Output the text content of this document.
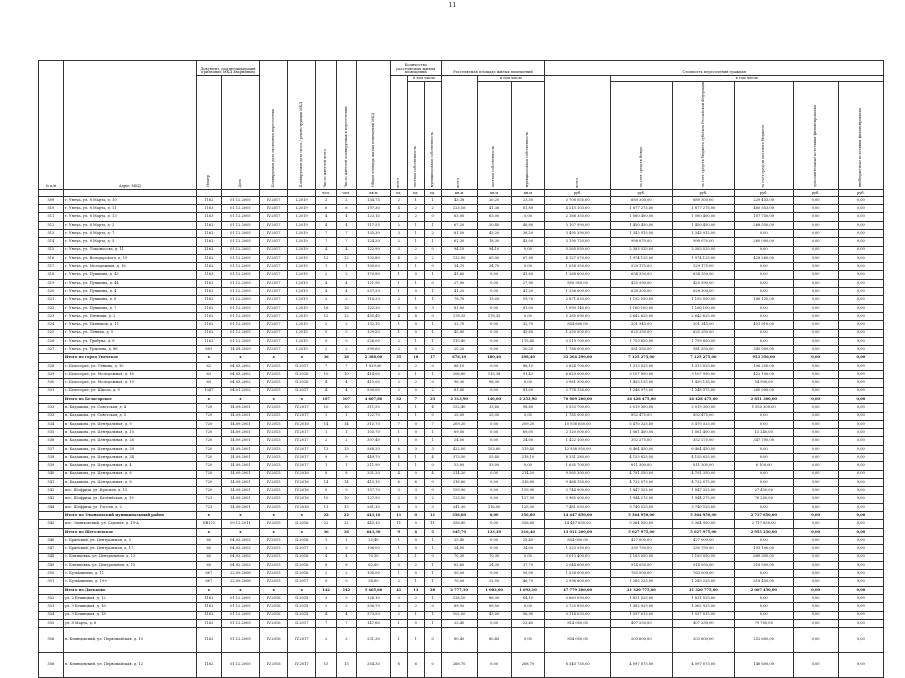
11
№ п/п	Адрес МКД	Документ, подтверждающий признание МКД аварийным		Планируемая дата окончания переселения	Планируемая дата сноса / реконструкции МКД	Число жителей всего	Число жителей планируемых к переселению	Общая площадь жилых помещений МКД	Количество расселяемых жилых помещений			Расселяемая площадь жилых помещений			Стоимость переселения граждан					
		Номер	Дата						всего	в том числе		всего	в том числе		всего	в том числе				
										частная собственность	муниципальная собственность		частная собственность	муниципальная собственность		за счет средств Фонда	за счет средств бюджета субъекта Российской Федерации	за счет средств местного бюджета	дополнительные источники финансирования	внебюджетные источники финансирования
						чел.	чел.	кв.м	ед.	ед.	ед.	кв.м	кв.м	кв.м	руб.	руб.	руб.	руб.	руб.	руб.
509	г. Унеча, ул. 8 Марта, д. 10	1162	01.12.2005	IV.2017	I.2019	2	2	134,75	2	1	1	43,38	20,20	23,50	3 708 055,00	689 300,00	689 300,00	229 435,00	0,00	0,00
510	г. Унеча, ул. 8 Марта, д. 11	1163	01.12.2005	IV.2017	I.2019	6	6	197,30	4	2	2	123,16	41,36	81,80	4 215 103,00	1 877 275,00	1 877 275,00	460 553,00	0,00	0,00
511	г. Унеча, ул. 8 Марта, д. 13	1163	01.12.2005	IV.2017	I.2019	4	4	123,10	2	2	0	63,00	63,00	0,00	2 188 350,00	1 080 400,00	1 080 400,00	107 750,00	0,00	0,00
512	г. Унеча, ул. 8 Марта, д. 2	1162	01.12.2005	IV.2017	I.2019	4	4	117,55	2	1	1	67,20	20,40	46,80	3 107 990,00	1 450 450,00	1 450 450,00	268 550,00	0,00	0,00
513	г. Унеча, ул. 8 Марта, д. 7	1162	01.12.2005	IV.2017	I.2019	7	7	133,30	3	1	2	81,50	45,20	36,20	3 495 390,00	1 343 915,00	1 343 915,00	0,00	0,00	0,00
514	г. Унеча, ул. 8 Марта, д. 5	1162	01.12.2005	IV.2017	I.2019	7	7	124,20	2	1	1	61,30	18,30	43,00	3 190 720,00	998 070,00	998 070,00	280 000,00	0,00	0,00
515	г. Унеча, ул. Ломоносова, д. 11	1162	01.12.2005	IV.2017	I.2019	4	4	122,90	2	2	0	94,10	94,10	0,00	5 265 050,00	2 383 525,00	2 383 525,00	0,00	0,00	0,00
516	г. Унеча, ул. Володарского, д. 15	1162	01.12.2005	IV.2017	I.2019	12	12	132,80	4	2	2	132,90	65,00	67,90	4 127 070,00	1 974 125,00	1 974 125,00	428 260,00	0,00	0,00
517	г. Унеча, ул. Молодежная, д. 16	1162	01.12.2005	IV.2017	I.2019	1	1	100,00	1	1	0	34,70	34,70	0,00	1 058 350,00	529 175,00	529 175,00	0,00	0,00	0,00
518	г. Унеча, ул. Пушкина, д. 43	1163	01.12.2005	IV.2017	I.2019	2	2	170,80	1	0	1	41,60	0,00	41,60	1 268 800,00	634 350,00	634 350,00	0,00	0,00	0,00
519	г. Унеча, ул. Пушкина, д. 44	1162	01.12.2005	IV.2017	I.2019	4	4	121,90	1	1	0	27,90	0,00	27,90	850 950,00	425 590,00	425 590,00	0,00	0,00	0,00
520	г. Унеча, ул. Пушкина, д. 4	1162	01.12.2005	IV.2017	I.2019	4	4	237,20	1	0	1	41,20	0,00	41,20	1 256 600,00	628 300,00	628 300,00	0,00	0,00	0,00
521	г. Унеча, ул. Пушкина, д. 6	1162	01.12.2005	IV.2017	I.2019	2	2	118,20	2	1	1	78,70	19,00	59,70	2 871 620,00	1 192 550,00	1 192 550,00	186 120,00	0,00	0,00
522	г. Унеча, ул. Пушкина, д. 7	1162	01.12.2005	IV.2017	I.2019	16	16	122,30	3	0	3	81,00	0,00	81,00	1 990 140,00	1 160 100,00	1 160 100,00	0,00	0,00	0,00
523	г. Унеча, ул. Пятницк, д. 2	1162	01.12.2005	IV.2017	I.2019	12	12	455,40	4	4	0	178,35	178,35	0,00	5 285 090,00	2 642 625,00	2 642 625,00	0,00	0,00	0,00
524	г. Унеча, ул. Пьяньков, д. 11	1162	01.12.2005	IV.2017	I.2019	2	2	132,10	1	0	1	32,70	0,00	32,70	854 600,00	201 345,00	201 345,00	451 910,00	0,00	0,00
525	г. Унеча, ул. Ленина, д. 5	1162	01.12.2005	IV.2017	I.2019	5	5	129,20	1	0	1	45,80	0,00	45,80	1 250 500,00	625 250,00	625 250,00	0,00	0,00	0,00
526	г. Унеча, ул. Трибуна, д. 8	1162	01.12.2005	IV.2017	I.2019	9	9	226,00	2	1	1	115,40	0,00	115,40	3 519 700,00	1 759 850,00	1 759 850,00	0,00	0,00	0,00
527	г. Унеча, ул. Урыгина, д. 86	681	14.08.2009	IV.2017	I.2019	2	2	399,60	2	0	2	20,20	0,00	20,20	1 788 000,00	581 550,00	581 550,00	345 000,00	0,00	0,00
	Итого по город Унечское	x	x	x	x	36	36	2 388,00	35	18	17	678,10	180,40	298,40	33 204 290,00	7 125 275,00	7 125 275,00	953 356,00	0,00	0,00
528	с. Белогорье, ул. Ленина, д. 10	62	04.03.2002	IV.2015	II.2017	7	7	1 929,00	2	2	0	86,10	0,00	86,10	2 624 700,00	1 313 025,00	1 313 025,00	196 250,00	0,00	0,00
529	с. Белогорье, ул. Молодежная, д. 16	63	04.03.2002	IV.2015	II.2016	10	10	414,00	2	1	1	206,80	115,38	91,42	6 629 000,00	3 107 950,00	3 107 950,00	422 100,00	0,00	0,00
530	с. Белогорье, ул. Молодежная, д. 19	69	04.03.2002	IV.2015	II.2016	4	4	415,00	2	2	0	96,30	96,30	0,00	2 961 300,00	1 455 135,00	1 455 135,00	54 900,00	0,00	0,00
531	с. Белогорье, ул. Школа, д. 9	1047	04.01.2002	IV.2015	II.2017	4	4	500,00	2	0	2	81,00	0,00	81,00	2 778 150,00	1 248 975,00	1 248 975,00	280 000,00	0,00	0,00
	Итого по Белогорское	x	x	x	x	107	107	4 607,80	32	7	25	2 313,90	140,00	2 253,90	70 009 200,00	26 428 475,00	26 428 475,00	2 851 300,00	0,00	0,00
532	п. Кадашова, ул. Советская, д. 4	720	14.09.2001	IV.2015	IV.2017	10	10	311,50	5	1	4	152,40	33,60	98,80	5 553 700,00	2 019 300,00	2 019 300,00	1 555 300,00	0,00	0,00
533	п. Кадашова, ул. Советская, д. 5	720	14.09.2001	IV.2015	IV.2017	1	1	122,70	1	1	0	25,00	25,00	0,00	1 785 000,00	852 475,00	852 475,00	0,00	0,00	0,00
534	п. Кадашова, ул. Центральная, д. 9	720	14.09.2001	IV.2015	IV.2016	14	14	312,70	7	0	7	209,20	0,00	209,20	10 938 650,00	5 470 325,00	5 470 325,00	0,00	0,00	0,00
535	п. Кадашова, ул. Центральная, д. 10	720	14.09.2001	IV.2015	IV.2017	1	1	103,70	1	0	1	69,00	0,00	69,00	2 120 000,00	1 061 400,00	1 061 400,00	15 240,00	0,00	0,00
536	п. Кадашова, ул. Центральная, д. 26	720	14.09.2001	IV.2015	IV.2017	2	2	307,40	1	0	1	24,00	0,00	24,00	1 422 100,00	352 275,00	352 275,00	347 700,00	0,00	0,00
537	п. Кадашова, ул. Центральная, д. 28	720	14.09.2001	IV.2015	IV.2017	13	13	568,20	6	3	3	422,00	102,60	319,40	12 958 950,00	6 464 450,00	6 464 450,00	0,00	0,00	0,00
538	п. Кадашова, ул. Центральная, д. 34	720	14.09.2001	IV.2015	IV.2017	9	9	449,70	5	1	4	373,50	55,40	218,10	8 331 280,00	4 155 625,00	4 155 625,00	0,00	0,00	0,00
539	п. Кадашова, ул. Центральная, д. 4	720	14.09.2001	IV.2015	IV.2017	1	1	211,90	1	1	0	53,00	53,00	0,00	1 635 700,00	811 300,00	811 300,00	6 100,00	0,00	0,00
540	п. Кадашова, ул. Центральная, д. 6	720	14.09.2001	IV.2015	IV.2016	8	8	331,20	4	0	4	214,20	0,00	214,20	9 585 300,00	4 791 350,00	4 791 350,00	0,00	0,00	0,00
541	п. Кадашова, ул. Центральная, д. 8	720	14.09.2001	IV.2015	IV.2016	14	14	415,10	6	6	0	316,80	0,00	316,80	9 464 150,00	4 732 075,00	4 732 075,00	0,00	0,00	0,00
542	пос. Шофриш, ул. Красная, д. 15	720	14.09.2001	IV.2015	IV.2016	9	9	157,70	3	3	0	159,90	0,00	159,90	3 744 900,00	1 847 325,00	1 847 325,00	27 450,00	0,00	0,00
543	пос. Шофриш, ул. Балтийская, д. 19	723	14.09.2001	IV.2015	IV.2016	10	10	127,50	2	0	2	123,50	0,00	127,50	3 965 000,00	1 944 275,00	1 944 275,00	76 250,00	0,00	0,00
544	пос. Шофриш, ул. Гоголя, д. 2	723	14.09.2001	IV.2015	IV.2016	13	13	261,10	6	3	3	241,30	116,00	125,30	7 481 050,00	3 740 525,00	3 740 525,00	0,00	0,00	0,00
	Итого по Злынковский муниципальный район	x	x	x	x	22	22	443,10	11	0	11	356,80	0,00	356,80	14 447 850,00	5 364 950,00	5 364 950,00	2 717 850,00	0,00	0,00
545	пос. Злынковский, ул. Садовая, д. 19-А	NB121	09.12.2011	IV.2015	II.2016	22	22	443,10	11	0	11	356,80	0,00	356,80	14 447 850,00	5 364 950,00	5 364 950,00	2 717 850,00	0,00	0,00
	Итого по Щеголевское	x	x	x	x	36	36	643,30	9	4	5	345,70	133,30	216,40	13 011 200,00	5 027 975,00	5 027 975,00	2 955 250,00	0,00	0,00
546	с. Брянский, ул. Центральная, д. 3	60	04.02.2002	IV.2015	II.2016	1	1	25,40	1	0	1	25,40	0,00	25,40	854 000,00	427 000,00	427 000,00	0,00	0,00	0,00
547	с. Брянский, ул. Центральная, д. 17	60	04.02.2002	IV.2015	II.2017	3	3	108,00	1	0	1	24,00	0,00	24,00	1 323 550,00	330 750,00	330 750,00	193 100,00	0,00	0,00
548	с. Клинцовка, ул. Центральная, д. 13	60	04.02.2002	IV.2015	II.2016	4	4	70,30	1	1	0	70,30	70,30	0,00	3 013 400,00	1 163 050,00	1 163 050,00	689 300,00	0,00	0,00
549	с. Клинцовка, ул. Центральная, д. 15	60	04.02.2002	IV.2015	II.2016	8	8	62,60	3	2	1	62,60	24,30	37,70	2 044 600,00	914 050,00	914 050,00	216 500,00	0,00	0,00
550	с. Кузьминичи, д. 11	667	22.09.2006	IV.2015	II.2016	2	2	100,00	1	0	1	50,00	0,00	50,00	1 528 000,00	763 000,00	763 000,00	0,00	0,00	0,00
551	с. Кузьминичи, д. 19-г	667	22.09.2006	IV.2015	II.2017	9	9	54,60	2	1	1	70,00	22,50	46,70	2 998 800,00	1 285 225,00	1 285 225,00	518 450,00	0,00	0,00
	Итого по Дятьково	x	x	x	x	142	142	5 465,60	41	13	28	2 777,10	1 083,00	1 692,10	47 779 200,00	21 320 775,00	21 320 775,00	2 007 450,00	0,00	0,00
552	ул. 2 Бежицкая, д. 12	1162	01.12.2005	IV.2016	II.2018	3	3	128,10	3	2	1	128,10	86,30	64,10	3 663 050,00	1 831 525,00	1 831 525,00	0,00	0,00	0,00
553	ул. 3 Бежицкая, д. 16	1162	01.12.2005	IV.2016	II.2018	2	2	206,70	2	2	0	89,50	89,50	0,00	2 725 850,00	1 362 925,00	1 362 925,00	0,00	0,00	0,00
554	ул. 3 Бежицкая, д. 18	1162	01.12.2005	IV.2016	II.2018	4	4	373,50	2	1	1	102,50	45,00	56,90	3 114 030,00	1 557 015,00	1 557 015,00	0,00	0,00	0,00
555	ул. 8 Марта, д. 6	1162	01.12.2005	IV.2016	II.2017	7	7	147,60	1	0	1	23,40	0,00	23,40	814 000,00	407 250,00	407 250,00	79 700,00	0,00	0,00
556	п. Клинцовский, ул. Первомайская, д. 10	1162	01.12.2005	IV.2016	IV.2017	2	2	231,30	1	1	0	80,40	80,40	0,00	854 000,00	203 600,00	203 600,00	252 600,00	0,00	0,00
556	п. Клинцовский, ул. Первомайская, д. 12	1162	01.12.2005	IV.2016	IV.2017	15	15	354,30	6	6	0	268,70	0,00	268,70	8 340 750,00	4 097 075,00	4 097 075,00	146 600,00	0,00	0,00
